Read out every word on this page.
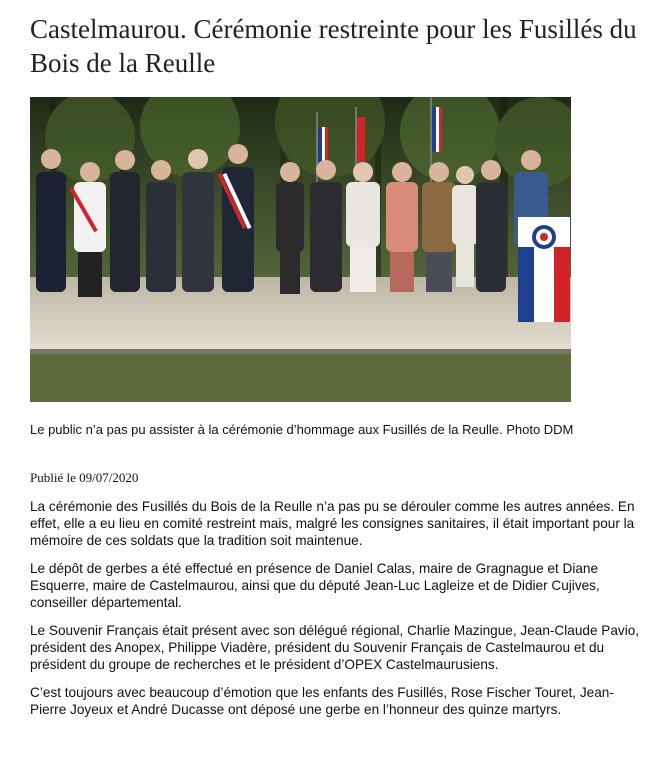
Castelmaurou. Cérémonie restreinte pour les Fusillés du Bois de la Reulle
Le public n’a pas pu assister à la cérémonie d’hommage aux Fusillés de la Reulle. Photo DDM
Publié le 09/07/2020

La cérémonie des Fusillés du Bois de la Reulle n’a pas pu se dérouler comme les autres années. En effet, elle a eu lieu en comité restreint mais, malgré les consignes sanitaires, il était important pour la mémoire de ces soldats que la tradition soit maintenue.

Le dépôt de gerbes a été effectué en présence de Daniel Calas, maire de Gragnague et Diane Esquerre, maire de Castelmaurou, ainsi que du député Jean-Luc Lagleize et de Didier Cujives, conseiller départemental.

Le Souvenir Français était présent avec son délégué régional, Charlie Mazingue, Jean-Claude Pavio, président des Anopex, Philippe Viadère, président du Souvenir Français de Castelmaurou et du président du groupe de recherches et le président d’OPEX Castelmaurusiens.

C’est toujours avec beaucoup d’émotion que les enfants des Fusillés, Rose Fischer Touret, Jean-Pierre Joyeux et André Ducasse ont déposé une gerbe en l’honneur des quinze martyrs.
